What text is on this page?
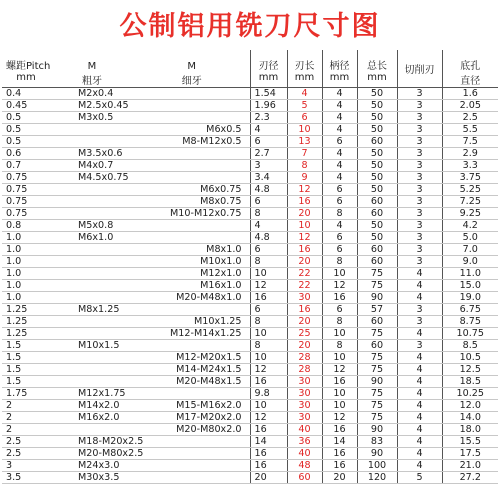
公制铝用铣刀尺寸图
螺距Pitch	M	M	刃径	刃长	柄径	总长	切削刃	底孔
mm	粗牙	细牙	mm	mm	mm	mm		直径
0.4	M2x0.4		1.54	4	4	50	3	1.6
0.45	M2.5x0.45		1.96	5	4	50	3	2.05
0.5	M3x0.5		2.3	6	4	50	3	2.5
0.5		M6x0.5	4	10	4	50	3	5.5
0.5		M8-M12x0.5	6	13	6	60	3	7.5
0.6	M3.5x0.6		2.7	7	4	50	3	2.9
0.7	M4x0.7		3	8	4	50	3	3.3
0.75	M4.5x0.75		3.4	9	4	50	3	3.75
0.75		M6x0.75	4.8	12	6	50	3	5.25
0.75		M8x0.75	6	16	6	60	3	7.25
0.75		M10-M12x0.75	8	20	8	60	3	9.25
0.8	M5x0.8		4	10	4	50	3	4.2
1.0	M6x1.0		4.8	12	6	50	3	5.0
1.0		M8x1.0	6	16	6	60	3	7.0
1.0		M10x1.0	8	20	8	60	3	9.0
1.0		M12x1.0	10	22	10	75	4	11.0
1.0		M16x1.0	12	22	12	75	4	15.0
1.0		M20-M48x1.0	16	30	16	90	4	19.0
1.25	M8x1.25		6	16	6	57	3	6.75
1.25		M10x1.25	8	20	8	60	3	8.75
1.25		M12-M14x1.25	10	25	10	75	4	10.75
1.5	M10x1.5		8	20	8	60	3	8.5
1.5		M12-M20x1.5	10	28	10	75	4	10.5
1.5		M14-M24x1.5	12	28	12	75	4	12.5
1.5		M20-M48x1.5	16	30	16	90	4	18.5
1.75	M12x1.75		9.8	30	10	75	4	10.25
2	M14x2.0	M15-M16x2.0	10	30	10	75	4	12.0
2	M16x2.0	M17-M20x2.0	12	30	12	75	4	14.0
2		M20-M80x2.0	16	40	16	90	4	18.0
2.5	M18-M20x2.5		14	36	14	83	4	15.5
2.5	M20-M80x2.5		16	40	16	90	4	17.5
3	M24x3.0		16	48	16	100	4	21.0
3.5	M30x3.5		20	60	20	120	5	27.2
